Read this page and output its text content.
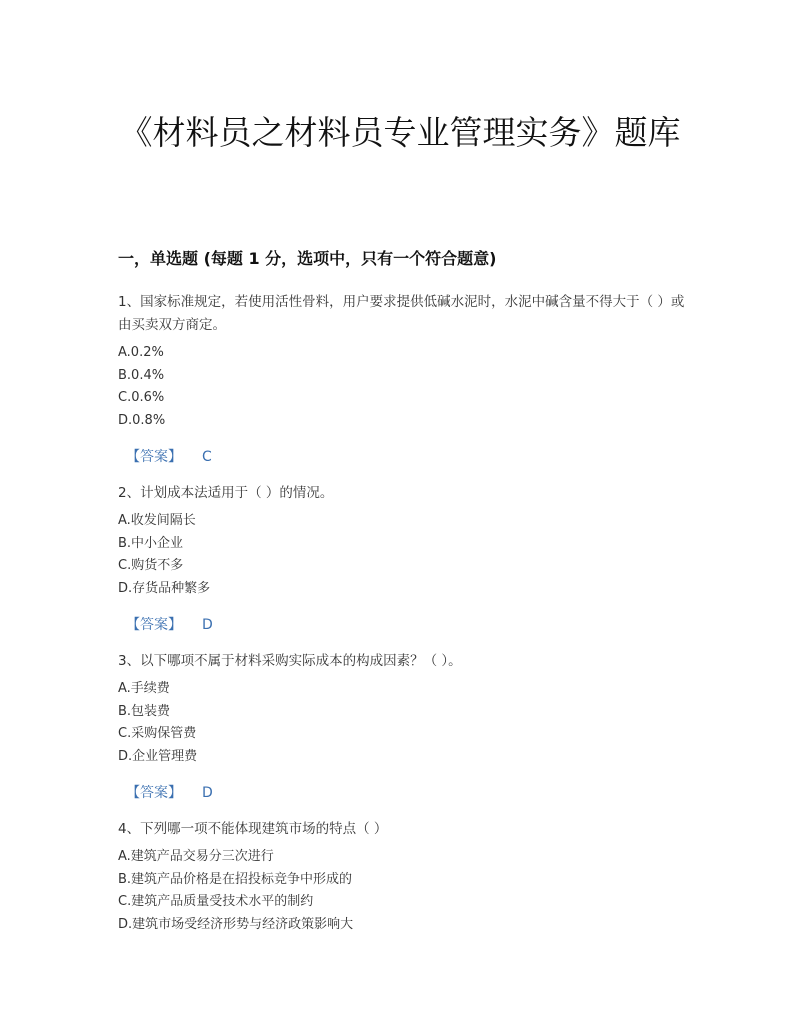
《材料员之材料员专业管理实务》题库
一，单选题 (每题 1 分，选项中，只有一个符合题意)

1、国家标准规定，若使用活性骨料，用户要求提供低碱水泥时，水泥中碱含量不得大于（ ）或由买卖双方商定。

A.0.2%
B.0.4%
C.0.6%
D.0.8%
【答案】 C

2、计划成本法适用于（ ）的情况。

A.收发间隔长
B.中小企业
C.购货不多
D.存货品种繁多
【答案】 D

3、以下哪项不属于材料采购实际成本的构成因素？（ ）。

A.手续费
B.包装费
C.采购保管费
D.企业管理费
【答案】 D

4、下列哪一项不能体现建筑市场的特点（ ）

A.建筑产品交易分三次进行
B.建筑产品价格是在招投标竞争中形成的
C.建筑产品质量受技术水平的制约
D.建筑市场受经济形势与经济政策影响大
